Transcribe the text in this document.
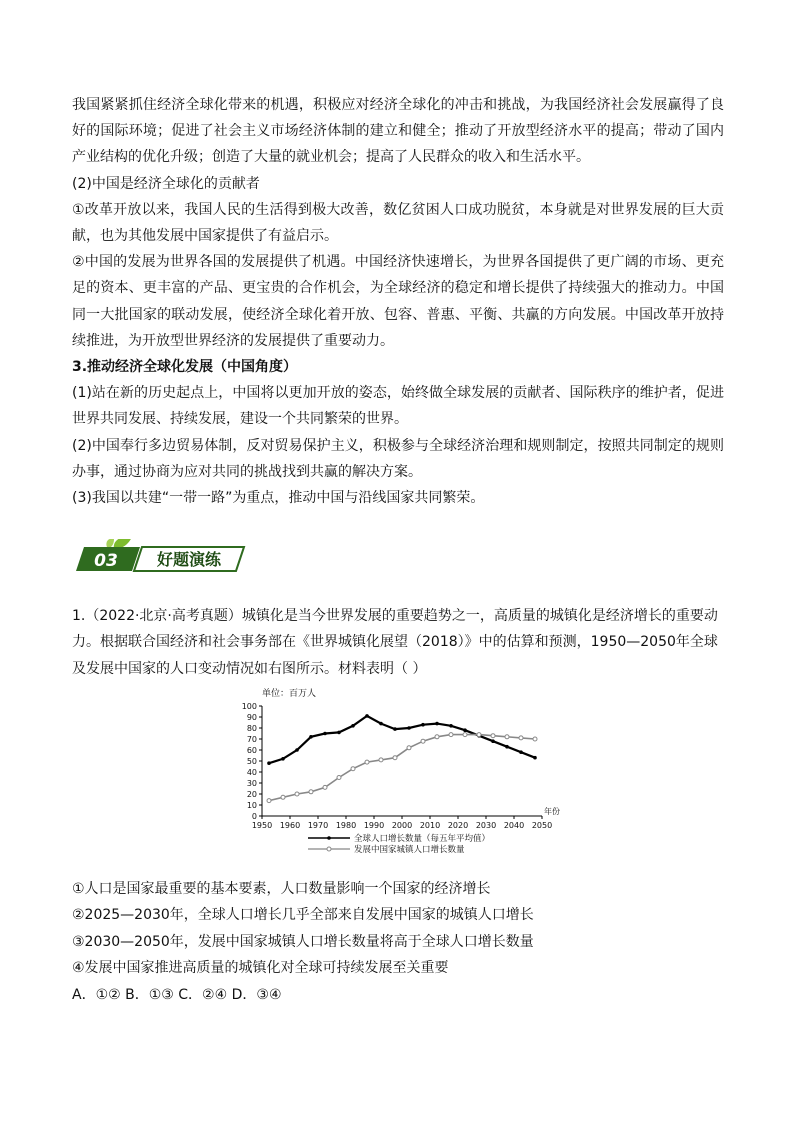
我国紧紧抓住经济全球化带来的机遇，积极应对经济全球化的冲击和挑战，为我国经济社会发展赢得了良好的国际环境；促进了社会主义市场经济体制的建立和健全；推动了开放型经济水平的提高；带动了国内产业结构的优化升级；创造了大量的就业机会；提高了人民群众的收入和生活水平。

(2)中国是经济全球化的贡献者

①改革开放以来，我国人民的生活得到极大改善，数亿贫困人口成功脱贫，本身就是对世界发展的巨大贡献，也为其他发展中国家提供了有益启示。

②中国的发展为世界各国的发展提供了机遇。中国经济快速增长，为世界各国提供了更广阔的市场、更充足的资本、更丰富的产品、更宝贵的合作机会，为全球经济的稳定和增长提供了持续强大的推动力。中国同一大批国家的联动发展，使经济全球化着开放、包容、普惠、平衡、共赢的方向发展。中国改革开放持续推进，为开放型世界经济的发展提供了重要动力。

3.推动经济全球化发展（中国角度）

(1)站在新的历史起点上，中国将以更加开放的姿态，始终做全球发展的贡献者、国际秩序的维护者，促进世界共同发展、持续发展，建设一个共同繁荣的世界。

(2)中国奉行多边贸易体制，反对贸易保护主义，积极参与全球经济治理和规则制定，按照共同制定的规则办事，通过协商为应对共同的挑战找到共赢的解决方案。

(3)我国以共建“一带一路”为重点，推动中国与沿线国家共同繁荣。

03 好题演练

1.（2022·北京·高考真题）城镇化是当今世界发展的重要趋势之一，高质量的城镇化是经济增长的重要动力。根据联合国经济和社会事务部在《世界城镇化展望（2018）》中的估算和预测，1950—2050年全球及发展中国家的人口变动情况如右图所示。材料表明（ ）

单位：百万人
0
10
20
30
40
50
60
70
80
90
100
1950 1960 1970 1980 1990 2000 2010 2020 2030 2040 2050
年份
全球人口增长数量（每五年平均值）
发展中国家城镇人口增长数量

①人口是国家最重要的基本要素，人口数量影响一个国家的经济增长

②2025—2030年，全球人口增长几乎全部来自发展中国家的城镇人口增长

③2030—2050年，发展中国家城镇人口增长数量将高于全球人口增长数量

④发展中国家推进高质量的城镇化对全球可持续发展至关重要

A．①② B．①③ C．②④ D．③④
